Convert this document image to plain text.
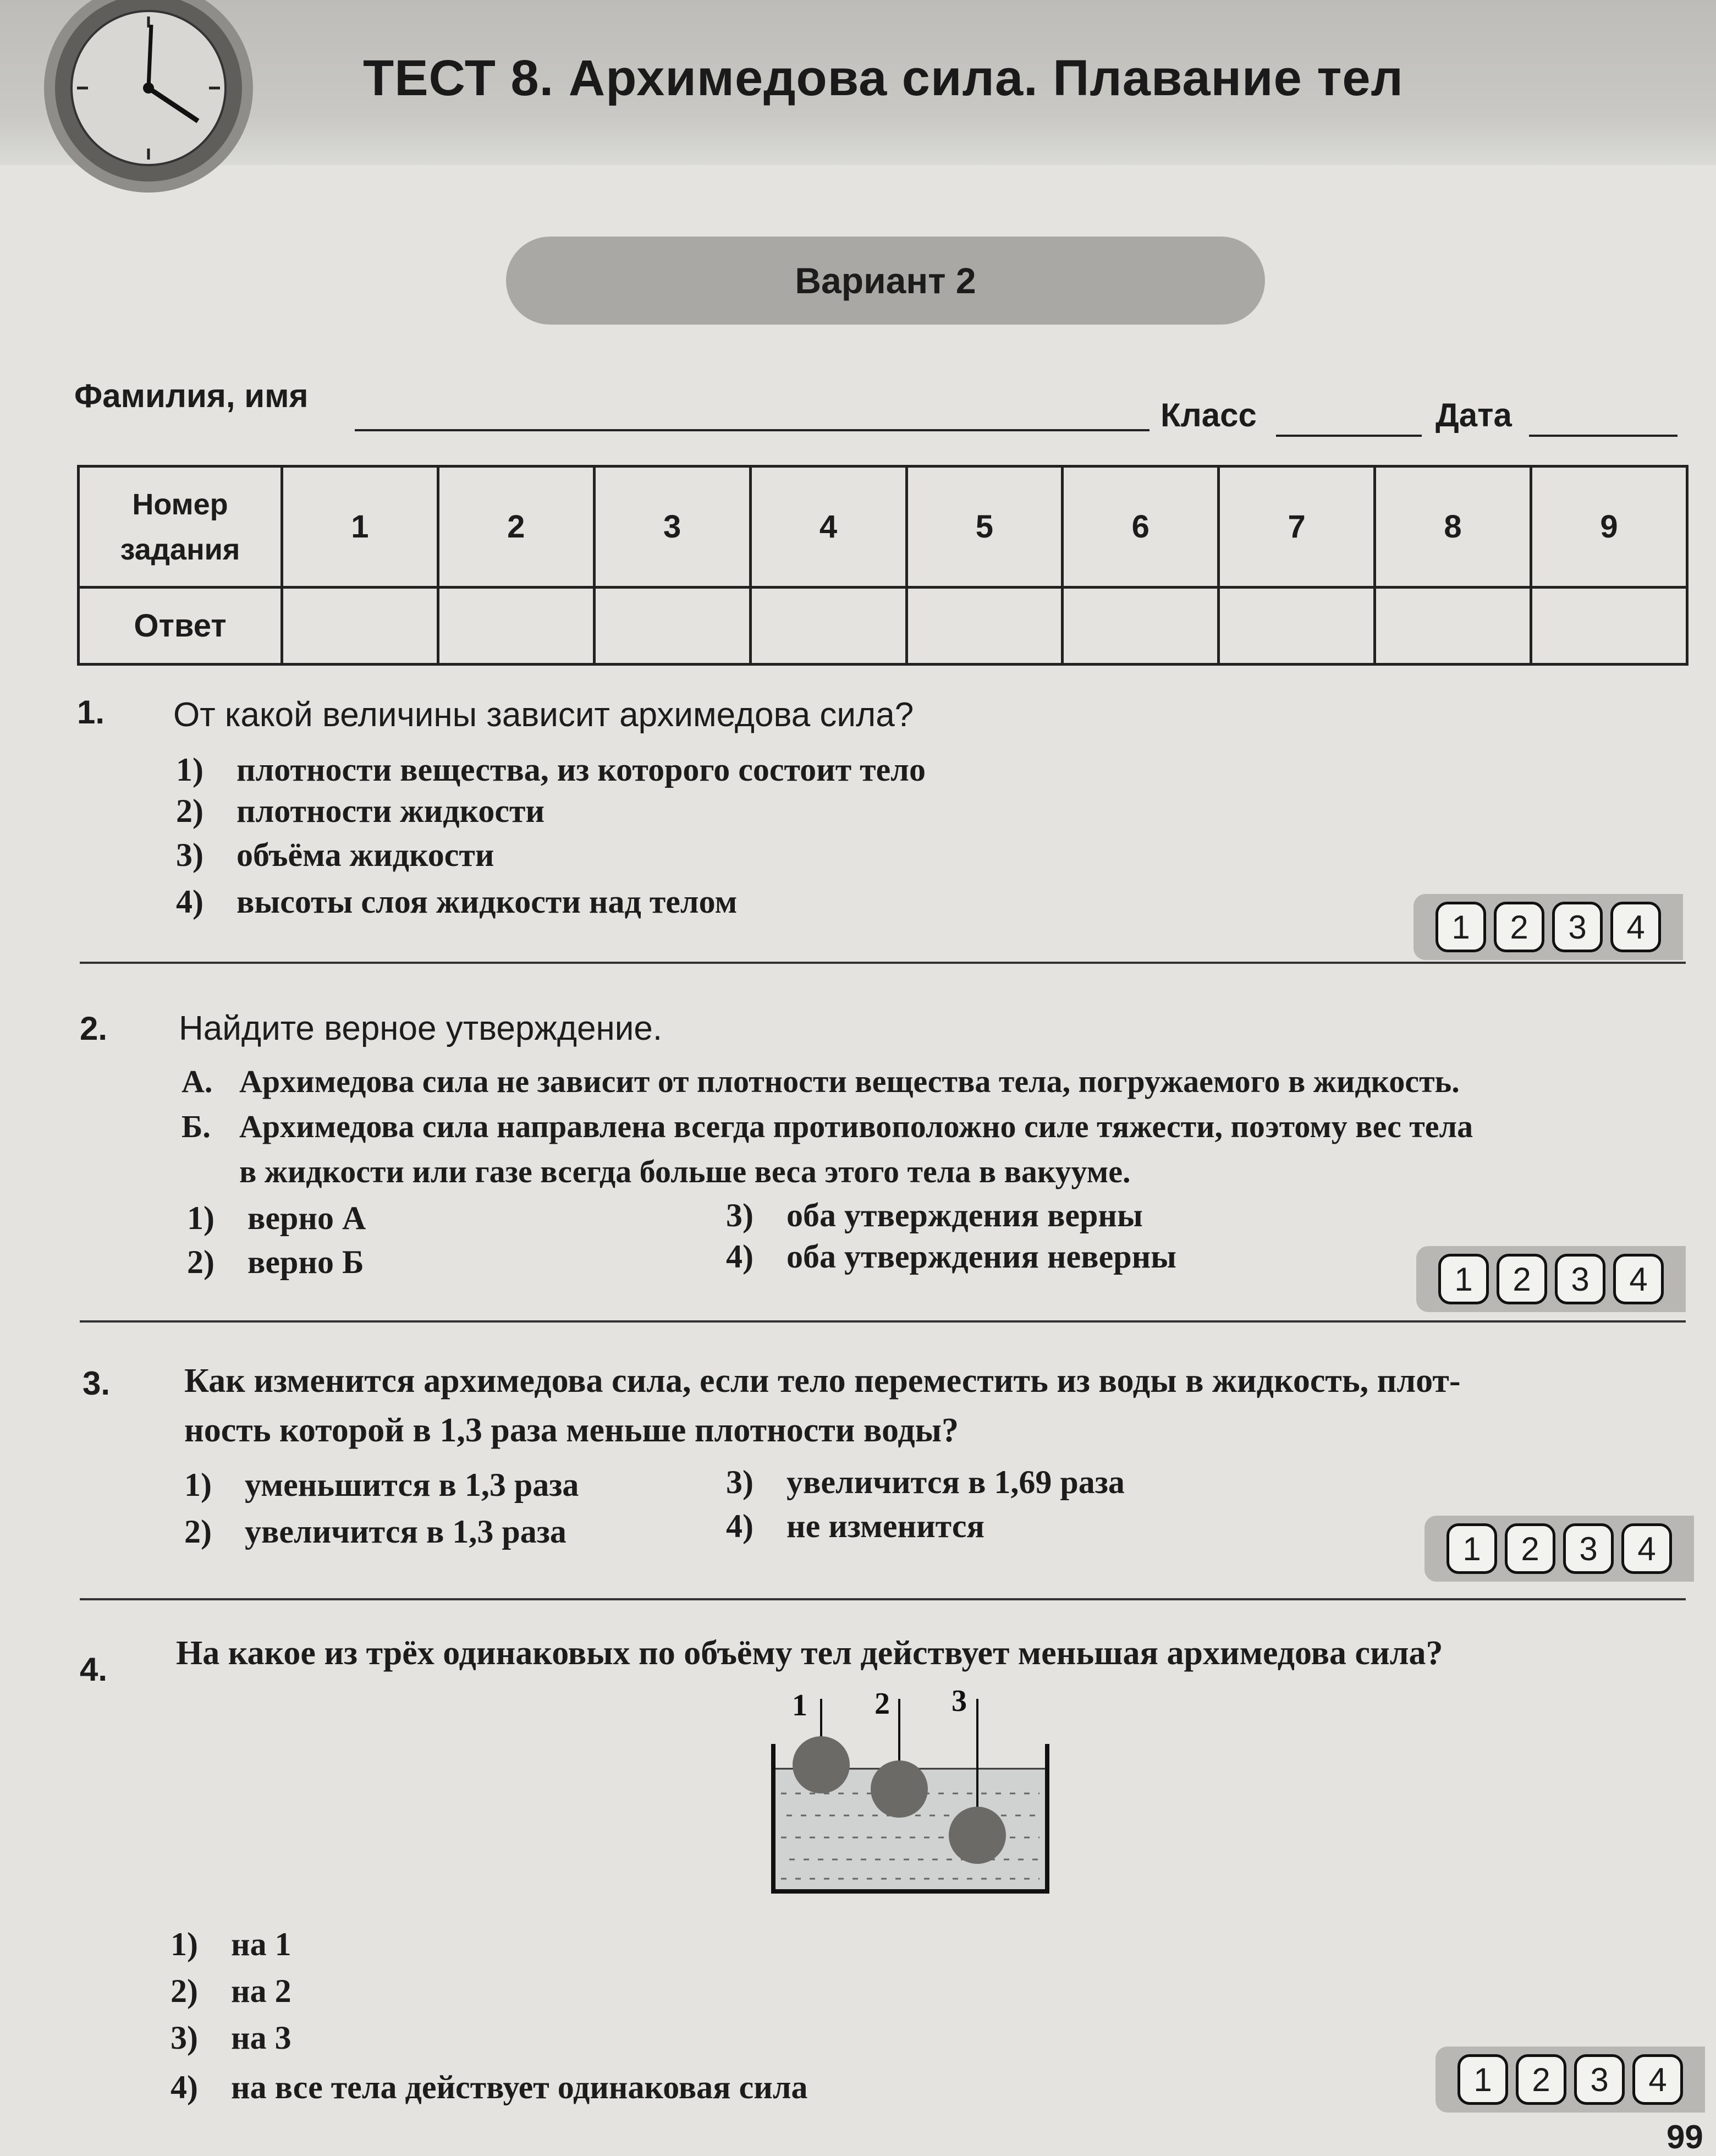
ТЕСТ 8. Архимедова сила. Плавание тел
Вариант 2
Фамилия, имя
Класс	Дата
Номер
задания	1	2	3	4	5	6	7	8	9
Ответ									
1. От какой величины зависит архимедова сила?
1) плотности вещества, из которого состоит тело
2) плотности жидкости
3) объёма жидкости
4) высоты слоя жидкости над телом
1	2	3	4
2. Найдите верное утверждение.
А. Архимедова сила не зависит от плотности вещества тела, погружаемого в жидкость.
Б. Архимедова сила направлена всегда противоположно силе тяжести, поэтому вес тела
в жидкости или газе всегда больше веса этого тела в вакууме.
1) верно А
2) верно Б
3) оба утверждения верны
4) оба утверждения неверны
1	2	3	4
3. Как изменится архимедова сила, если тело переместить из воды в жидкость, плот-
ность которой в 1,3 раза меньше плотности воды?
1) уменьшится в 1,3 раза
2) увеличится в 1,3 раза
3) увеличится в 1,69 раза
4) не изменится
1	2	3	4
4. На какое из трёх одинаковых по объёму тел действует меньшая архимедова сила?
1 2 3
1) на 1
2) на 2
3) на 3
4) на все тела действует одинаковая сила	1	2	3	4
99
